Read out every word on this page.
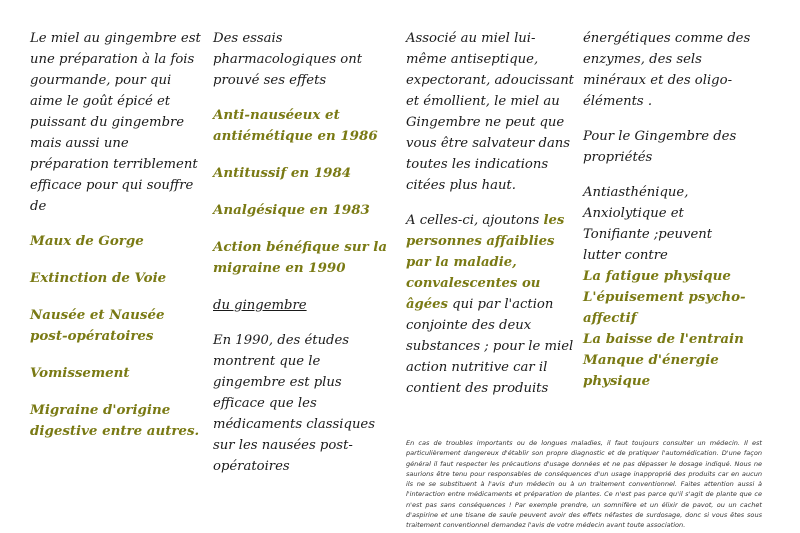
Le miel au gingembre est une préparation à la fois gourmande, pour qui aime le goût épicé et puissant du gingembre mais aussi une préparation terriblement efficace pour qui souffre de

Maux de Gorge

Extinction de Voie

Nausée et Nausée post-opératoires

Vomissement

Migraine d'origine digestive entre autres.

Des essais pharmacologiques ont prouvé ses effets

Anti-nauséeux et antiémétique en 1986

Antitussif en 1984

Analgésique en 1983

Action bénéfique sur la migraine en 1990

du gingembre

En 1990, des études montrent que le gingembre est plus efficace que les médicaments classiques sur les nausées post-opératoires

Associé au miel lui-même antiseptique, expectorant, adoucissant et émollient, le miel au Gingembre ne peut que vous être salvateur dans toutes les indications citées plus haut.

A celles-ci, ajoutons les personnes affaiblies par la maladie, convalescentes ou âgées qui par l'action conjointe des deux substances ; pour le miel action nutritive car il contient des produits

énergétiques comme des enzymes, des sels minéraux et des oligo-éléments .

Pour le Gingembre des propriétés

Antiasthénique, Anxiolytique et Tonifiante ;peuvent lutter contre

La fatigue physique

L'épuisement psycho-affectif

La baisse de l'entrain

Manque d'énergie physique

En cas de troubles importants ou de longues maladies, il faut toujours consulter un médecin. Il est particulièrement dangereux d'établir son propre diagnostic et de pratiquer l'automédication. D'une façon général il faut respecter les précautions d'usage données et ne pas dépasser le dosage indiqué. Nous ne saurions être tenu pour responsables de conséquences d'un usage inapproprié des produits car en aucun ils ne se substituent à l'avis d'un médecin ou à un traitement conventionnel. Faites attention aussi à l'interaction entre médicaments et préparation de plantes. Ce n'est pas parce qu'il s'agit de plante que ce n'est pas sans conséquences ! Par exemple prendre, un somnifère et un élixir de pavot, ou un cachet d'aspirine et une tisane de saule peuvent avoir des effets néfastes de surdosage, donc si vous êtes sous traitement conventionnel demandez l'avis de votre médecin avant toute association.
